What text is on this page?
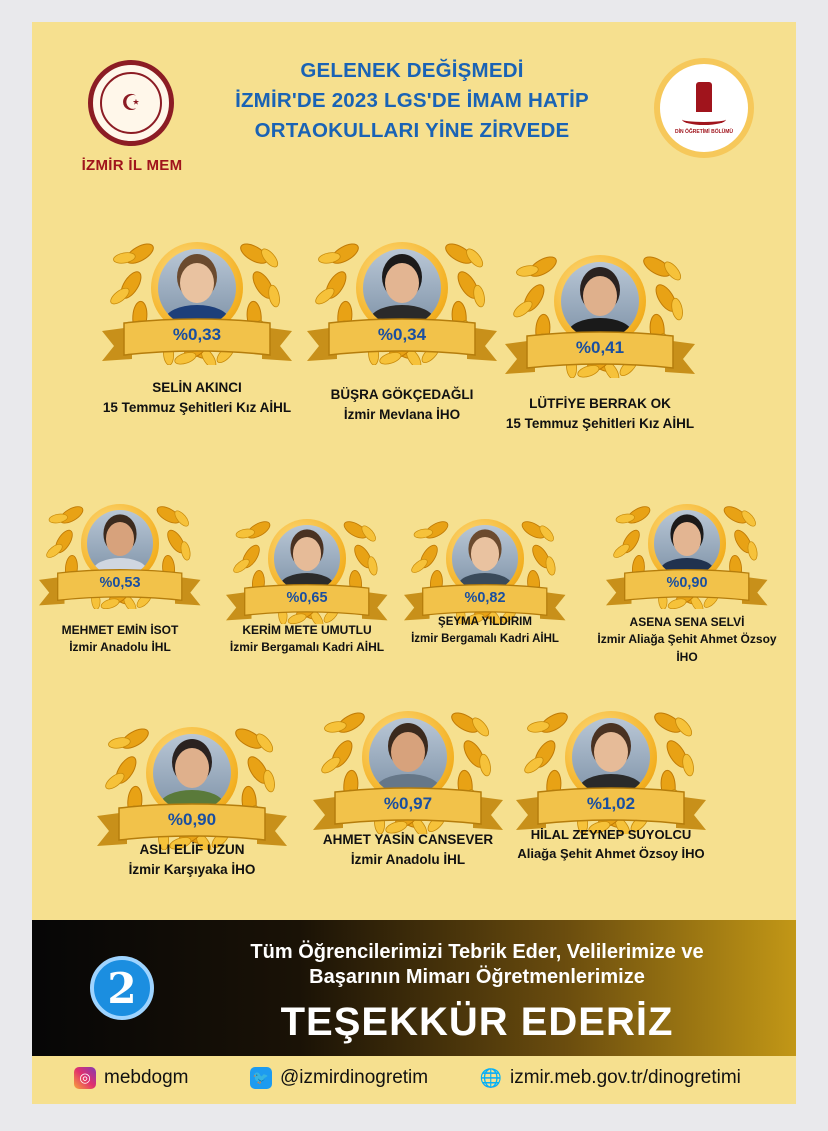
☪
İZMİR İL MEM
GELENEK DEĞİŞMEDİ
İZMİR'DE 2023 LGS'DE İMAM HATİP
ORTAOKULLARI YİNE ZİRVEDE	DİN ÖĞRETİMİ BÖLÜMÜ
%0,33
SELİN AKINCI
15 Temmuz Şehitleri Kız AİHL
%0,34
BÜŞRA GÖKÇEDAĞLI
İzmir Mevlana İHO
%0,41
LÜTFİYE BERRAK OK
15 Temmuz Şehitleri Kız AİHL
%0,53
MEHMET EMİN İSOT
İzmir Anadolu İHL
%0,65
KERİM METE UMUTLU
İzmir Bergamalı Kadri AİHL
%0,82
ŞEYMA YILDIRIM
İzmir Bergamalı Kadri AİHL
%0,90
ASENA SENA SELVİ
İzmir Aliağa Şehit Ahmet Özsoy İHO
%0,90
ASLI ELİF UZUN
İzmir Karşıyaka İHO
%0,97
AHMET YASİN CANSEVER
İzmir Anadolu İHL
%1,02
HİLAL ZEYNEP SUYOLCU
Aliağa Şehit Ahmet Özsoy İHO
2
Tüm Öğrencilerimizi Tebrik Eder, Velilerimize ve
Başarının Mimarı Öğretmenlerimize
TEŞEKKÜR EDERİZ
◎ mebdogm	🐦 @izmirdinogretim	🌐 izmir.meb.gov.tr/dinogretimi
